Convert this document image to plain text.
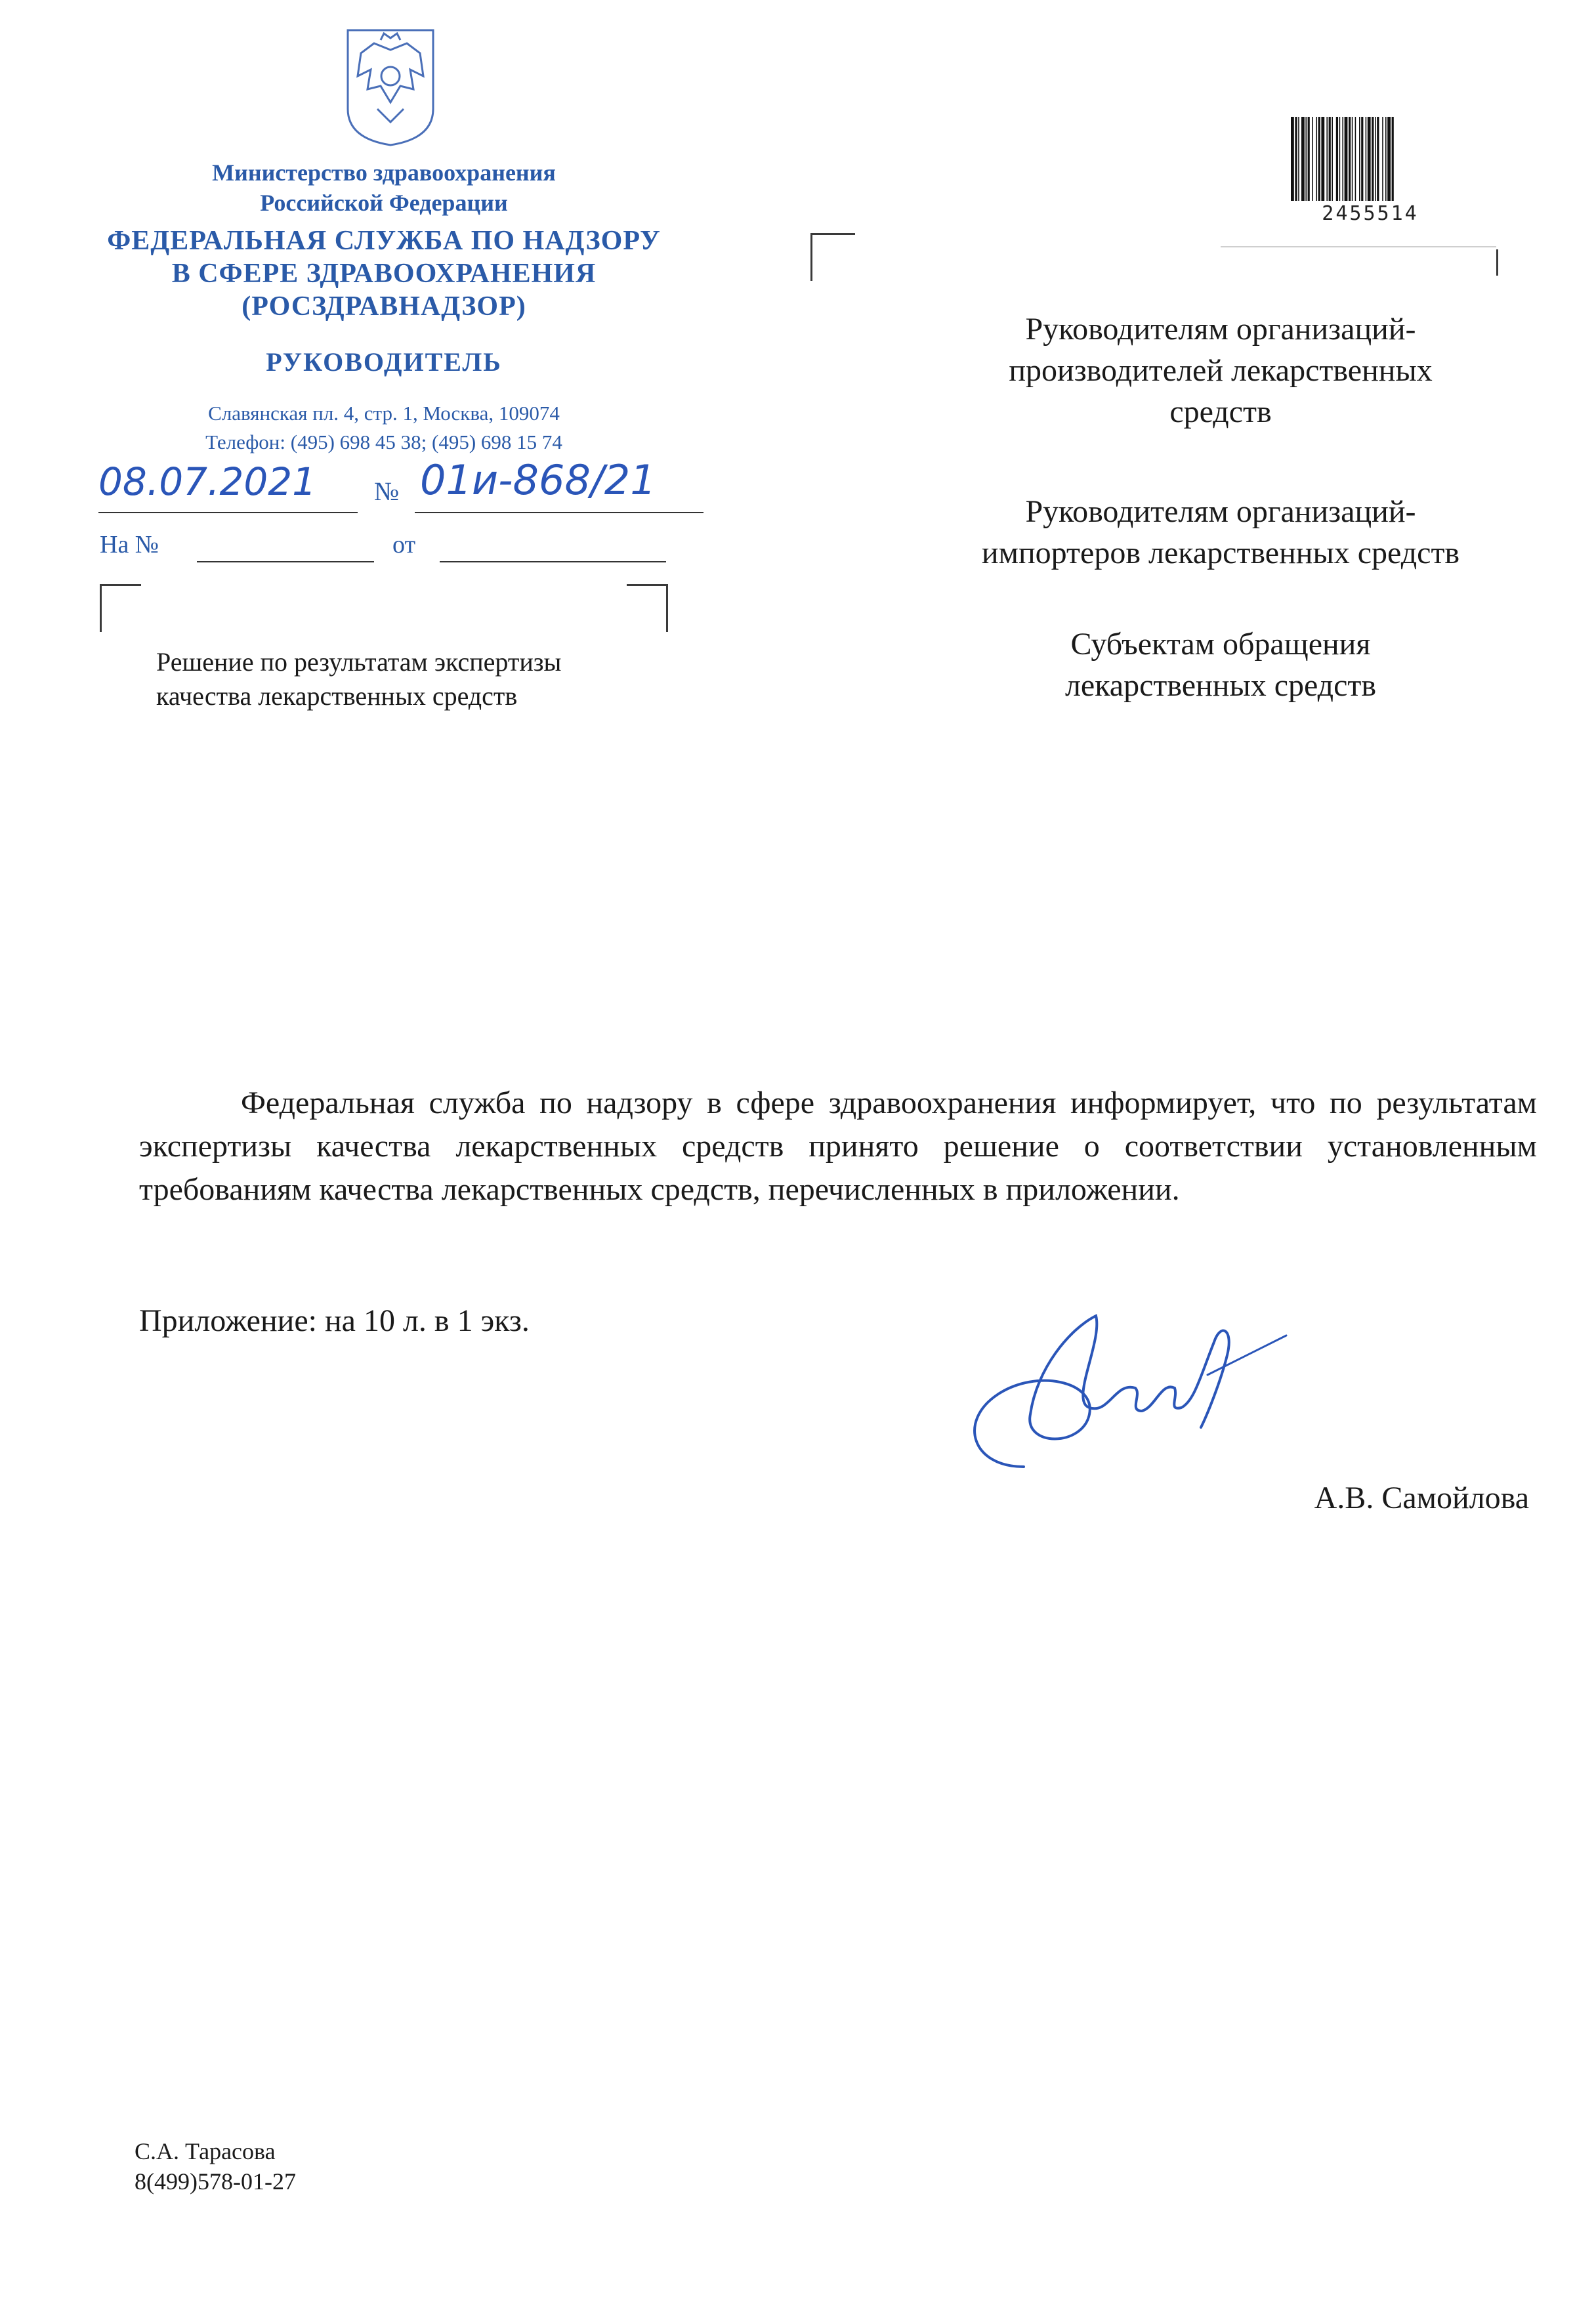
Министерство здравоохранения
Российской Федерации
ФЕДЕРАЛЬНАЯ СЛУЖБА ПО НАДЗОРУ
В СФЕРЕ ЗДРАВООХРАНЕНИЯ
(РОСЗДРАВНАДЗОР)
РУКОВОДИТЕЛЬ
Славянская пл. 4, стр. 1, Москва, 109074
Телефон: (495) 698 45 38; (495) 698 15 74
08.07.2021 № 01и-868/21
На №	от
Решение по результатам экспертизы
качества лекарственных средств
2455514
Руководителям организаций-
производителей лекарственных
средств
Руководителям организаций-
импортеров лекарственных средств
Субъектам обращения
лекарственных средств
Федеральная служба по надзору в сфере здравоохранения информирует, что по результатам экспертизы качества лекарственных средств принято решение о соответствии установленным требованиям качества лекарственных средств, перечисленных в приложении.
Приложение: на 10 л. в 1 экз.
А.В. Самойлова
С.А. Тарасова
8(499)578-01-27
